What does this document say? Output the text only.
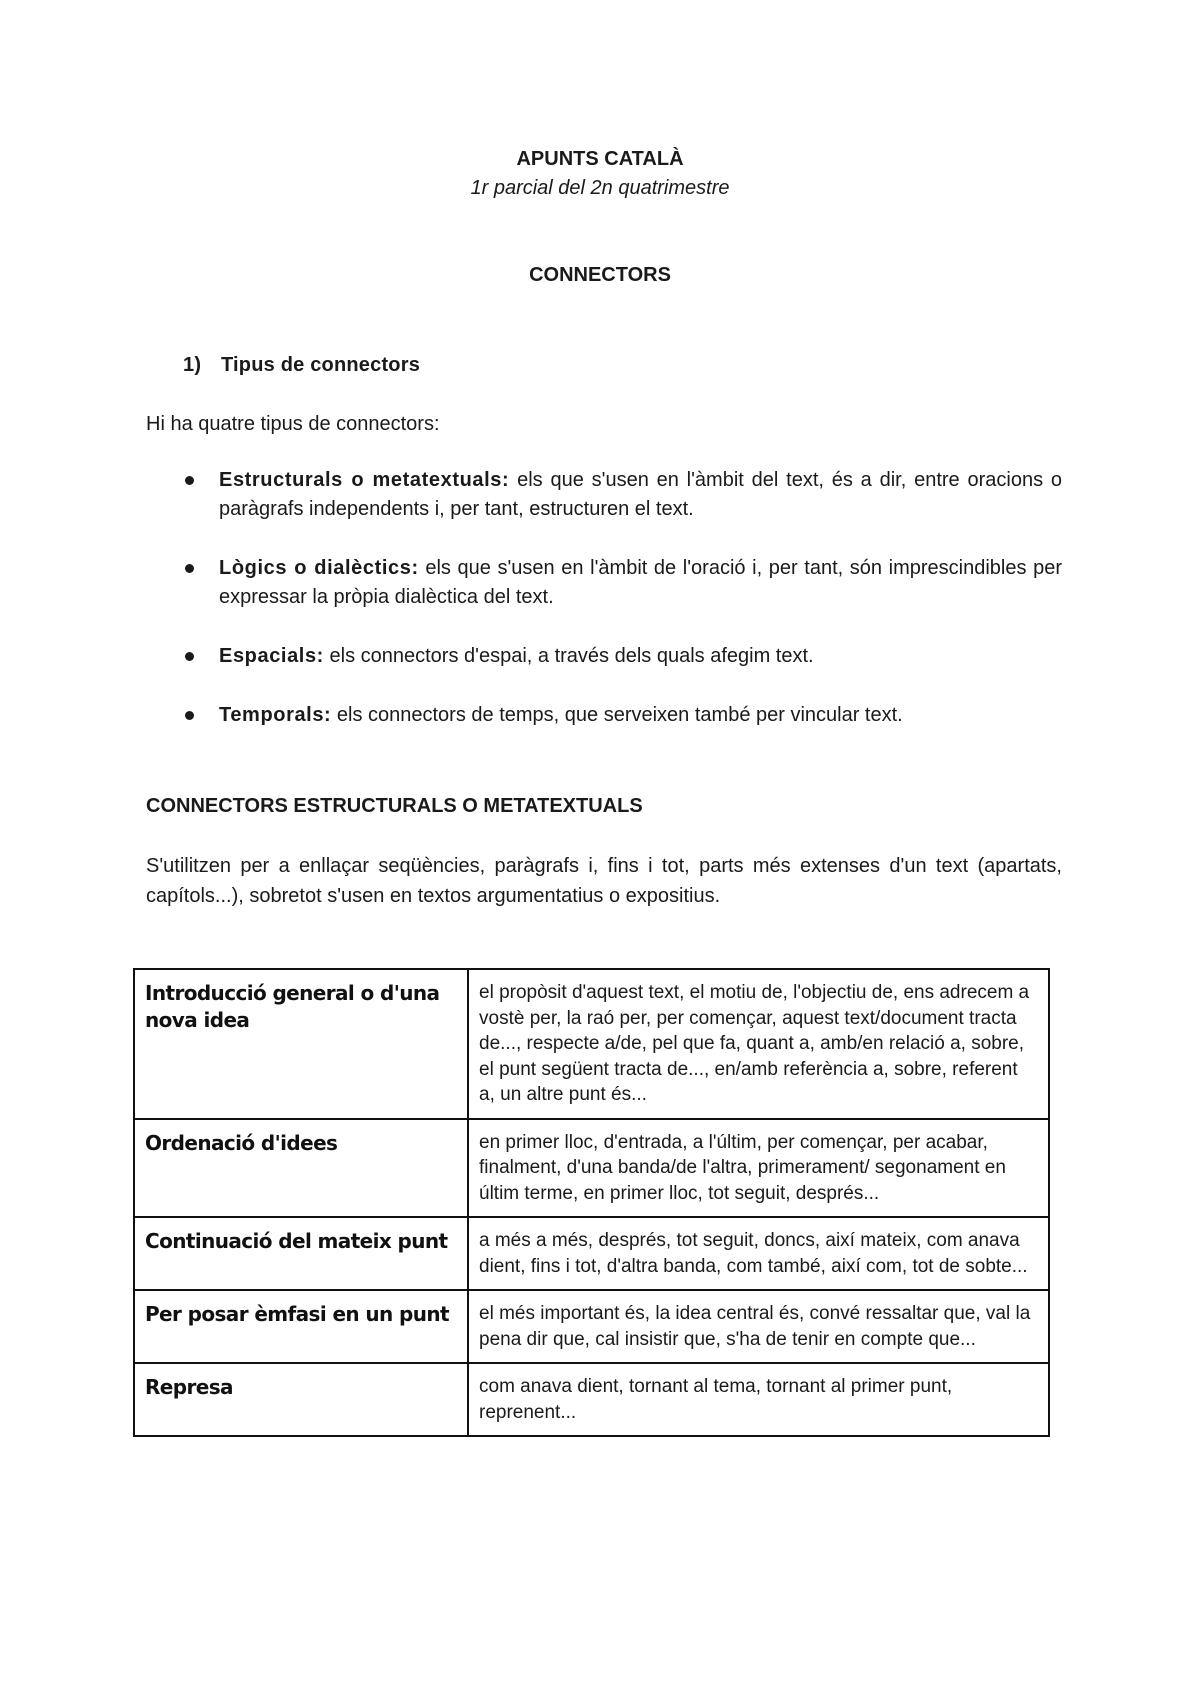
APUNTS CATALÀ
1r parcial del 2n quatrimestre
CONNECTORS
1) Tipus de connectors
Hi ha quatre tipus de connectors:
Estructurals o metatextuals: els que s'usen en l'àmbit del text, és a dir, entre oracions o paràgrafs independents i, per tant, estructuren el text.
Lògics o dialèctics: els que s'usen en l'àmbit de l'oració i, per tant, són imprescindibles per expressar la pròpia dialèctica del text.
Espacials: els connectors d'espai, a través dels quals afegim text.
Temporals: els connectors de temps, que serveixen també per vincular text.
CONNECTORS ESTRUCTURALS O METATEXTUALS
S'utilitzen per a enllaçar seqüències, paràgrafs i, fins i tot, parts més extenses d'un text (apartats, capítols...), sobretot s'usen en textos argumentatius o expositius.
Introducció general o d'una nova idea	el propòsit d'aquest text, el motiu de, l'objectiu de, ens adrecem a vostè per, la raó per, per començar, aquest text/document tracta de..., respecte a/de, pel que fa, quant a, amb/en relació a, sobre, el punt següent tracta de..., en/amb referència a, sobre, referent a, un altre punt és...
Ordenació d'idees	en primer lloc, d'entrada, a l'últim, per començar, per acabar, finalment, d'una banda/de l'altra, primerament/ segonament en últim terme, en primer lloc, tot seguit, després...
Continuació del mateix punt	a més a més, després, tot seguit, doncs, així mateix, com anava dient, fins i tot, d'altra banda, com també, així com, tot de sobte...
Per posar èmfasi en un punt	el més important és, la idea central és, convé ressaltar que, val la pena dir que, cal insistir que, s'ha de tenir en compte que...
Represa	com anava dient, tornant al tema, tornant al primer punt, reprenent...
